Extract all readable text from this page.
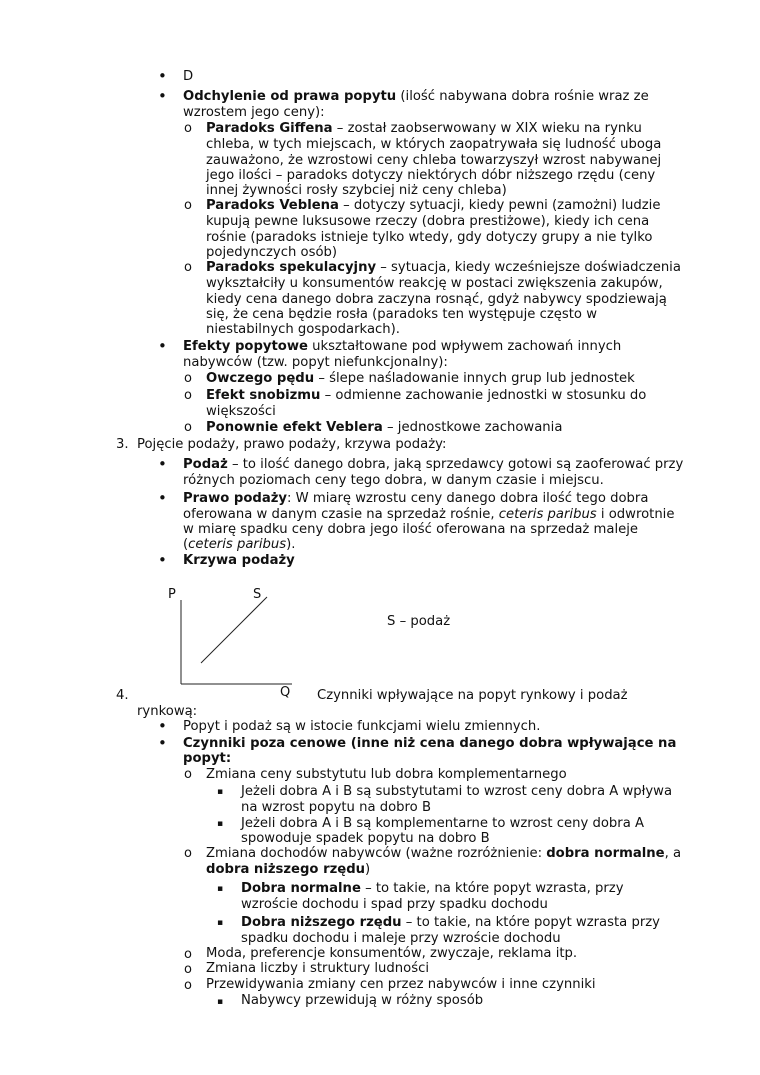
• D
• Odchylenie od prawa popytu (ilość nabywana dobra rośnie wraz ze
wzrostem jego ceny):
o Paradoks Giffena – został zaobserwowany w XIX wieku na rynku
chleba, w tych miejscach, w których zaopatrywała się ludność uboga
zauważono, że wzrostowi ceny chleba towarzyszył wzrost nabywanej
jego ilości – paradoks dotyczy niektórych dóbr niższego rzędu (ceny
innej żywności rosły szybciej niż ceny chleba)
o Paradoks Veblena – dotyczy sytuacji, kiedy pewni (zamożni) ludzie
kupują pewne luksusowe rzeczy (dobra prestiżowe), kiedy ich cena
rośnie (paradoks istnieje tylko wtedy, gdy dotyczy grupy a nie tylko
pojedynczych osób)
o Paradoks spekulacyjny – sytuacja, kiedy wcześniejsze doświadczenia
wykształciły u konsumentów reakcję w postaci zwiększenia zakupów,
kiedy cena danego dobra zaczyna rosnąć, gdyż nabywcy spodziewają
się, że cena będzie rosła (paradoks ten występuje często w
niestabilnych gospodarkach).
• Efekty popytowe ukształtowane pod wpływem zachowań innych
nabywców (tzw. popyt niefunkcjonalny):
o Owczego pędu – ślepe naśladowanie innych grup lub jednostek
o Efekt snobizmu – odmienne zachowanie jednostki w stosunku do
większości
o Ponownie efekt Veblera – jednostkowe zachowania
3. Pojęcie podaży, prawo podaży, krzywa podaży:
• Podaż – to ilość danego dobra, jaką sprzedawcy gotowi są zaoferować przy
różnych poziomach ceny tego dobra, w danym czasie i miejscu.
• Prawo podaży: W miarę wzrostu ceny danego dobra ilość tego dobra
oferowana w danym czasie na sprzedaż rośnie, ceteris paribus i odwrotnie
w miarę spadku ceny dobra jego ilość oferowana na sprzedaż maleje
(ceteris paribus).
• Krzywa podaży
P	S
Q
S – podaż
4.	Czynniki wpływające na popyt rynkowy i podaż
rynkową:
• Popyt i podaż są w istocie funkcjami wielu zmiennych.
• Czynniki poza cenowe (inne niż cena danego dobra wpływające na
popyt:
o Zmiana ceny substytutu lub dobra komplementarnego
▪ Jeżeli dobra A i B są substytutami to wzrost ceny dobra A wpływa
na wzrost popytu na dobro B
▪ Jeżeli dobra A i B są komplementarne to wzrost ceny dobra A
spowoduje spadek popytu na dobro B
o Zmiana dochodów nabywców (ważne rozróżnienie: dobra normalne, a
dobra niższego rzędu)
▪ Dobra normalne – to takie, na które popyt wzrasta, przy
wzroście dochodu i spad przy spadku dochodu
▪ Dobra niższego rzędu – to takie, na które popyt wzrasta przy
spadku dochodu i maleje przy wzroście dochodu
o Moda, preferencje konsumentów, zwyczaje, reklama itp.
o Zmiana liczby i struktury ludności
o Przewidywania zmiany cen przez nabywców i inne czynniki
▪ Nabywcy przewidują w różny sposób
